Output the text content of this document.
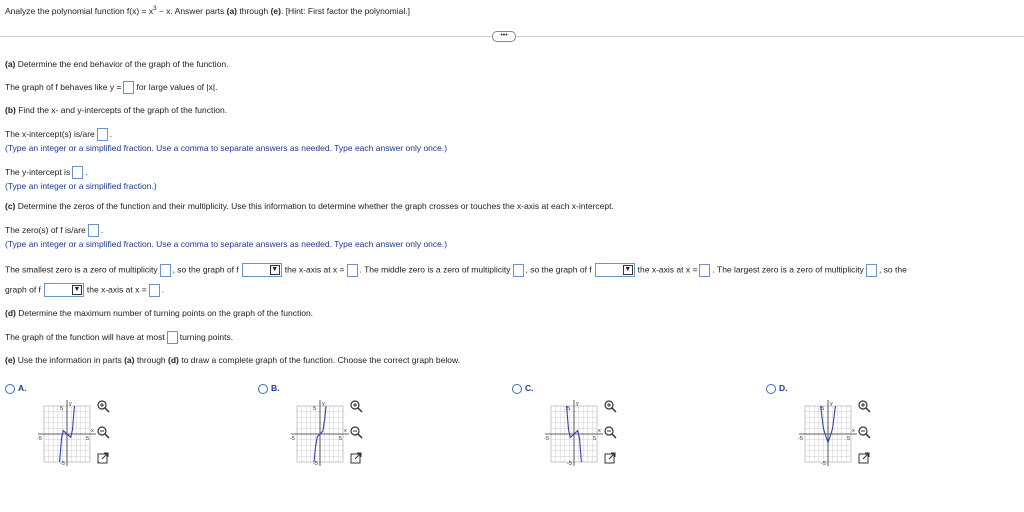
Analyze the polynomial function $f(x) = x^3 - x$. Answer parts (a) through (e). [Hint: First factor the polynomial.]
•••
(a) Determine the end behavior of the graph of the function.
The graph of f behaves like y = for large values of |x|.
(b) Find the x- and y-intercepts of the graph of the function.
The x-intercept(s) is/are .
(Type an integer or a simplified fraction. Use a comma to separate answers as needed. Type each answer only once.)
The y-intercept is .
(Type an integer or a simplified fraction.)
(c) Determine the zeros of the function and their multiplicity. Use this information to determine whether the graph crosses or touches the x-axis at each x-intercept.
The zero(s) of f is/are .
(Type an integer or a simplified fraction. Use a comma to separate answers as needed. Type each answer only once.)
The smallest zero is a zero of multiplicity , so the graph of f	▼ the x-axis at x = . The middle zero is a zero of multiplicity , so the graph of f	▼ the x-axis at x = . The largest zero is a zero of multiplicity , so the
graph of f	▼ the x-axis at x = .
(d) Determine the maximum number of turning points on the graph of the function.
The graph of the function will have at most turning points.
(e) Use the information in parts (a) through (d) to draw a complete graph of the function. Choose the correct graph below.
A.
y
x
5
-5
-5	5
B.
y
x
5
-5
-5	5
C.
y
x
5
-5
-5	5
D.
y
x
5
-5
-5	5
